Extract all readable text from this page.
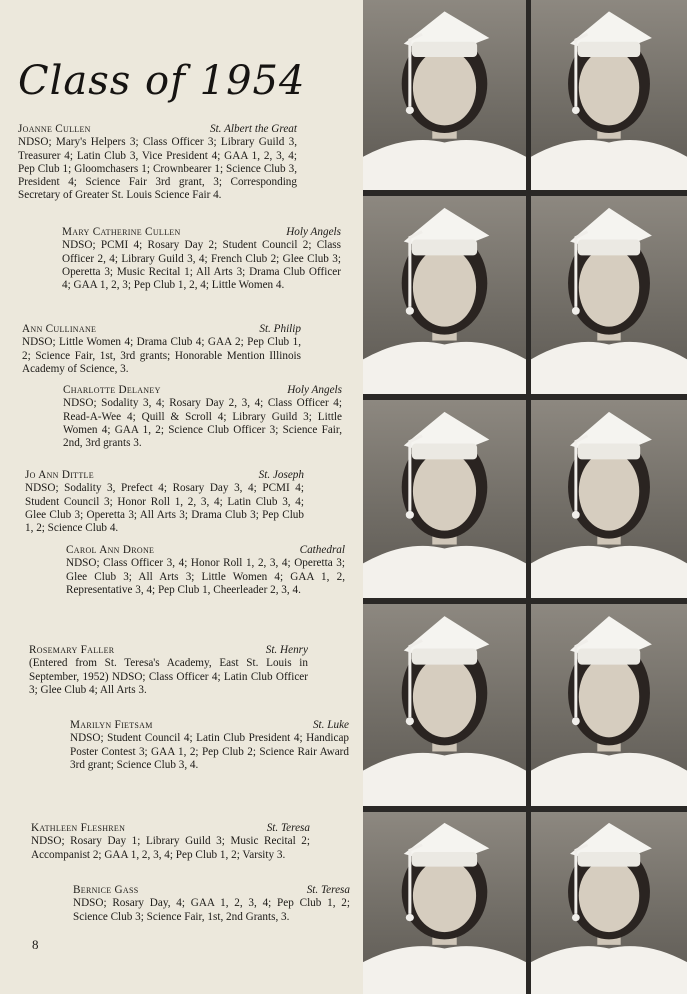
Class of 1954
Joanne Cullen	St. Albert the Great

NDSO; Mary's Helpers 3; Class Officer 3; Library Guild 3, Treasurer 4; Latin Club 3, Vice President 4; GAA 1, 2, 3, 4; Pep Club 1; Gloomchasers 1; Crownbearer 1; Science Club 3, President 4; Science Fair 3rd grant, 3; Corresponding Secretary of Greater St. Louis Science Fair 4.

Mary Catherine Cullen	Holy Angels

NDSO; PCMI 4; Rosary Day 2; Student Council 2; Class Officer 2, 4; Library Guild 3, 4; French Club 2; Glee Club 3; Operetta 3; Music Recital 1; All Arts 3; Drama Club Officer 4; GAA 1, 2, 3; Pep Club 1, 2, 4; Little Women 4.

Ann Cullinane	St. Philip

NDSO; Little Women 4; Drama Club 4; GAA 2; Pep Club 1, 2; Science Fair, 1st, 3rd grants; Honorable Mention Illinois Academy of Science, 3.

Charlotte Delaney	Holy Angels

NDSO; Sodality 3, 4; Rosary Day 2, 3, 4; Class Officer 4; Read-A-Wee 4; Quill & Scroll 4; Library Guild 3; Little Women 4; GAA 1, 2; Science Club Officer 3; Science Fair, 2nd, 3rd grants 3.

Jo Ann Dittle	St. Joseph

NDSO; Sodality 3, Prefect 4; Rosary Day 3, 4; PCMI 4; Student Council 3; Honor Roll 1, 2, 3, 4; Latin Club 3, 4; Glee Club 3; Operetta 3; All Arts 3; Drama Club 3; Pep Club 1, 2; Science Club 4.

Carol Ann Drone	Cathedral

NDSO; Class Officer 3, 4; Honor Roll 1, 2, 3, 4; Operetta 3; Glee Club 3; All Arts 3; Little Women 4; GAA 1, 2, Representative 3, 4; Pep Club 1, Cheerleader 2, 3, 4.

Rosemary Faller	St. Henry

(Entered from St. Teresa's Academy, East St. Louis in September, 1952) NDSO; Class Officer 4; Latin Club Officer 3; Glee Club 4; All Arts 3.

Marilyn Fietsam	St. Luke

NDSO; Student Council 4; Latin Club President 4; Handicap Poster Contest 3; GAA 1, 2; Pep Club 2; Science Rair Award 3rd grant; Science Club 3, 4.

Kathleen Fleshren	St. Teresa

NDSO; Rosary Day 1; Library Guild 3; Music Recital 2; Accompanist 2; GAA 1, 2, 3, 4; Pep Club 1, 2; Varsity 3.

Bernice Gass	St. Teresa

NDSO; Rosary Day, 4; GAA 1, 2, 3, 4; Pep Club 1, 2; Science Club 3; Science Fair, 1st, 2nd Grants, 3.

8
